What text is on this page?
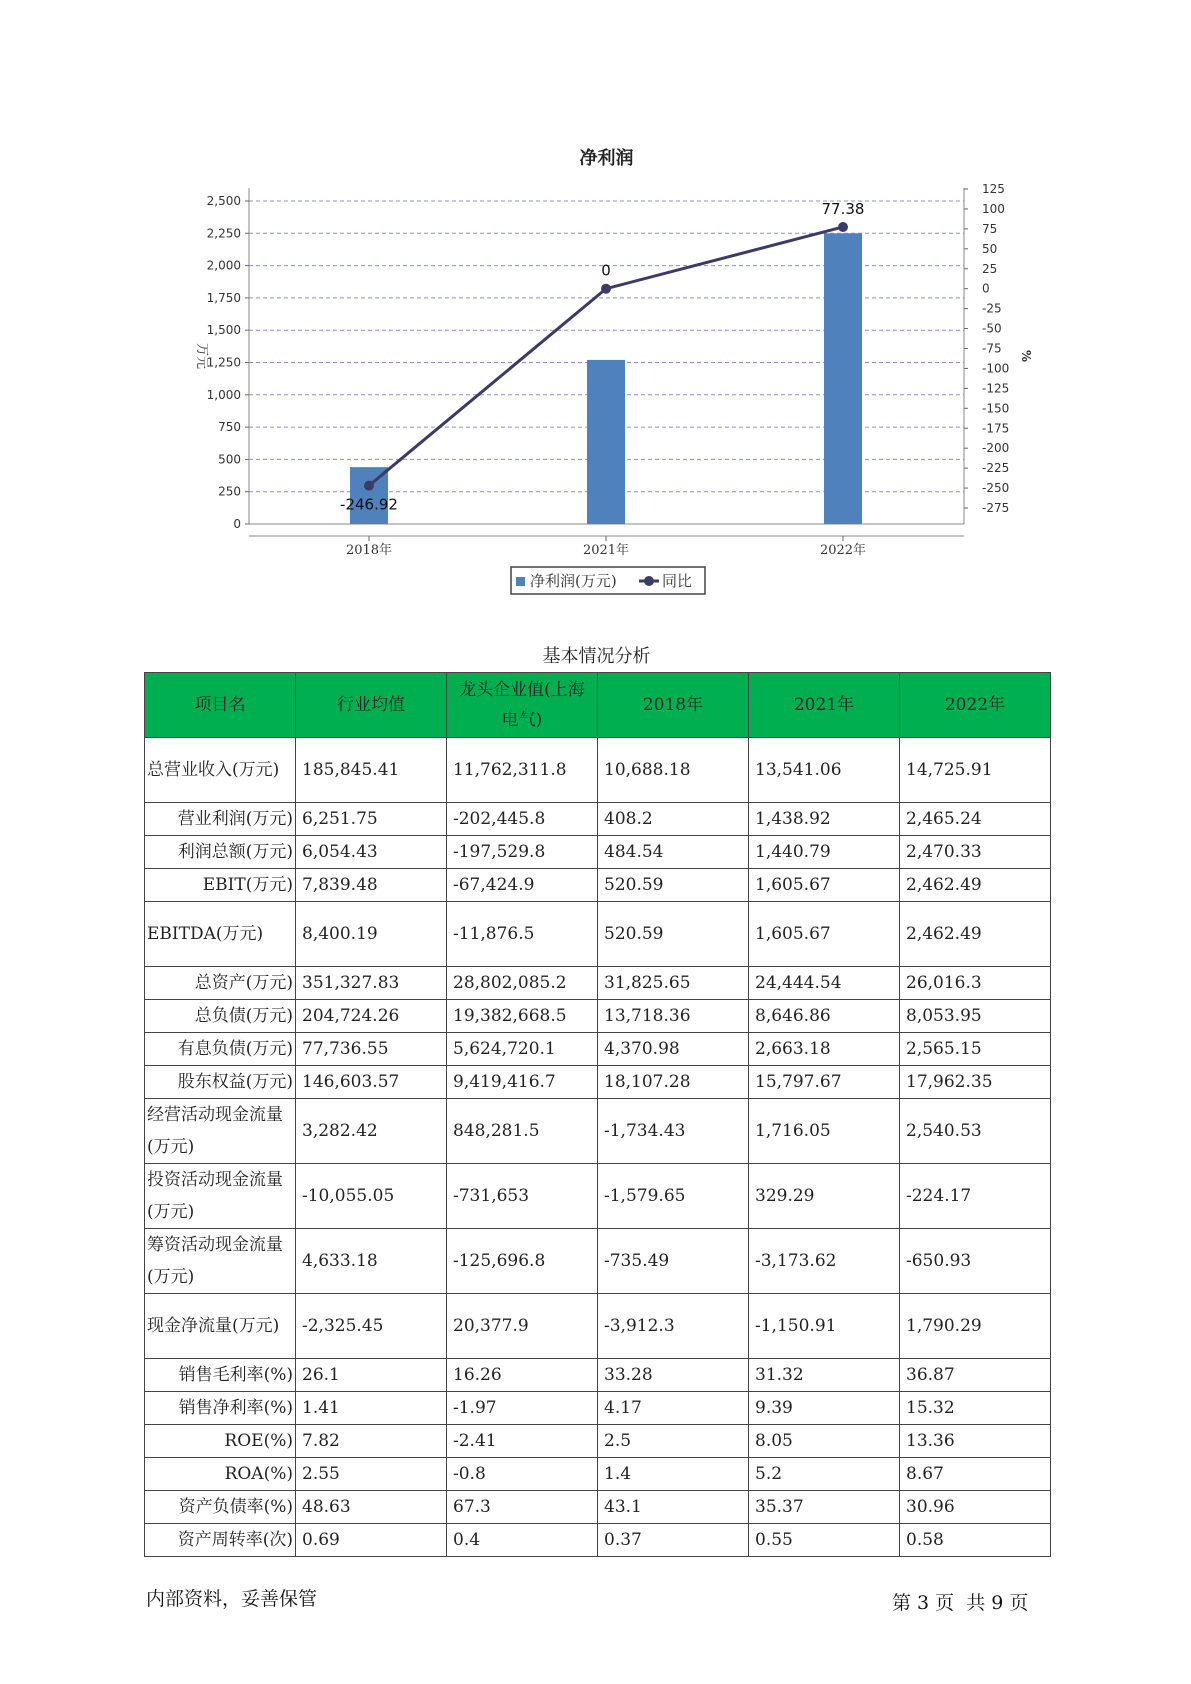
净利润
0
250
500
750
1,000
1,250
1,500
1,750
2,000
2,250
2,500
万元
125
100
75
50
25
0
-25
-50
-75
-100
-125
-150
-175
-200
-225
-250
-275
%
2018年	2021年	2022年
-246.92
0
77.38
净利润(万元)	同比
基本情况分析
项目名	行业均值	龙头企业值(上海电气)	2018年	2021年	2022年
总营业收入(万元)	185,845.41	11,762,311.8	10,688.18	13,541.06	14,725.91
营业利润(万元)	6,251.75	-202,445.8	408.2	1,438.92	2,465.24
利润总额(万元)	6,054.43	-197,529.8	484.54	1,440.79	2,470.33
EBIT(万元)	7,839.48	-67,424.9	520.59	1,605.67	2,462.49
EBITDA(万元)	8,400.19	-11,876.5	520.59	1,605.67	2,462.49
总资产(万元)	351,327.83	28,802,085.2	31,825.65	24,444.54	26,016.3
总负债(万元)	204,724.26	19,382,668.5	13,718.36	8,646.86	8,053.95
有息负债(万元)	77,736.55	5,624,720.1	4,370.98	2,663.18	2,565.15
股东权益(万元)	146,603.57	9,419,416.7	18,107.28	15,797.67	17,962.35
经营活动现金流量(万元)	3,282.42	848,281.5	-1,734.43	1,716.05	2,540.53
投资活动现金流量(万元)	-10,055.05	-731,653	-1,579.65	329.29	-224.17
筹资活动现金流量(万元)	4,633.18	-125,696.8	-735.49	-3,173.62	-650.93
现金净流量(万元)	-2,325.45	20,377.9	-3,912.3	-1,150.91	1,790.29
销售毛利率(%)	26.1	16.26	33.28	31.32	36.87
销售净利率(%)	1.41	-1.97	4.17	9.39	15.32
ROE(%)	7.82	-2.41	2.5	8.05	13.36
ROA(%)	2.55	-0.8	1.4	5.2	8.67
资产负债率(%)	48.63	67.3	43.1	35.37	30.96
资产周转率(次)	0.69	0.4	0.37	0.55	0.58
内部资料，妥善保管	第 3 页  共 9 页
